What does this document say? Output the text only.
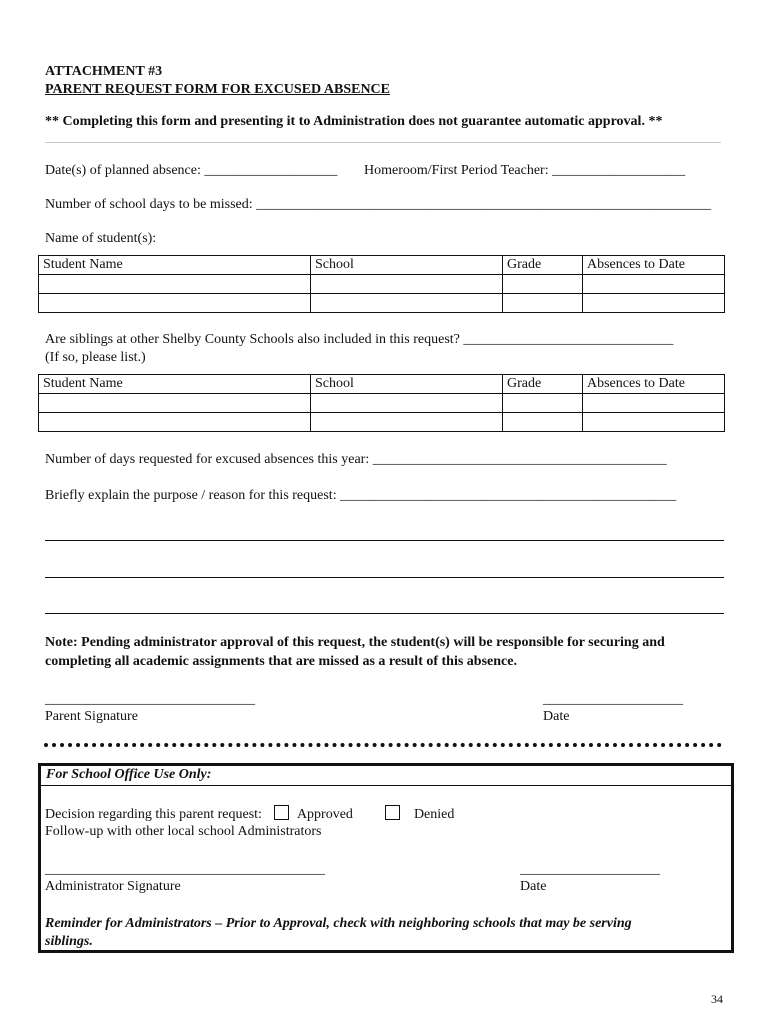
ATTACHMENT #3
PARENT REQUEST FORM FOR EXCUSED ABSENCE
** Completing this form and presenting it to Administration does not guarantee automatic approval. **
Date(s) of planned absence: ___________________ Homeroom/First Period Teacher: ___________________
Number of school days to be missed: _________________________________________________________________
Name of student(s):
Student Name	School	Grade	Absences to Date

Are siblings at other Shelby County Schools also included in this request? ______________________________
(If so, please list.)
Student Name	School	Grade	Absences to Date

Number of days requested for excused absences this year: __________________________________________
Briefly explain the purpose / reason for this request: ________________________________________________
Note: Pending administrator approval of this request, the student(s) will be responsible for securing and
completing all academic assignments that are missed as a result of this absence.
______________________________
Parent Signature
____________________
Date
For School Office Use Only:
Decision regarding this parent request:	Approved	Denied
Follow-up with other local school Administrators
________________________________________
Administrator Signature
____________________
Date
Reminder for Administrators – Prior to Approval, check with neighboring schools that may be serving
siblings.
34
